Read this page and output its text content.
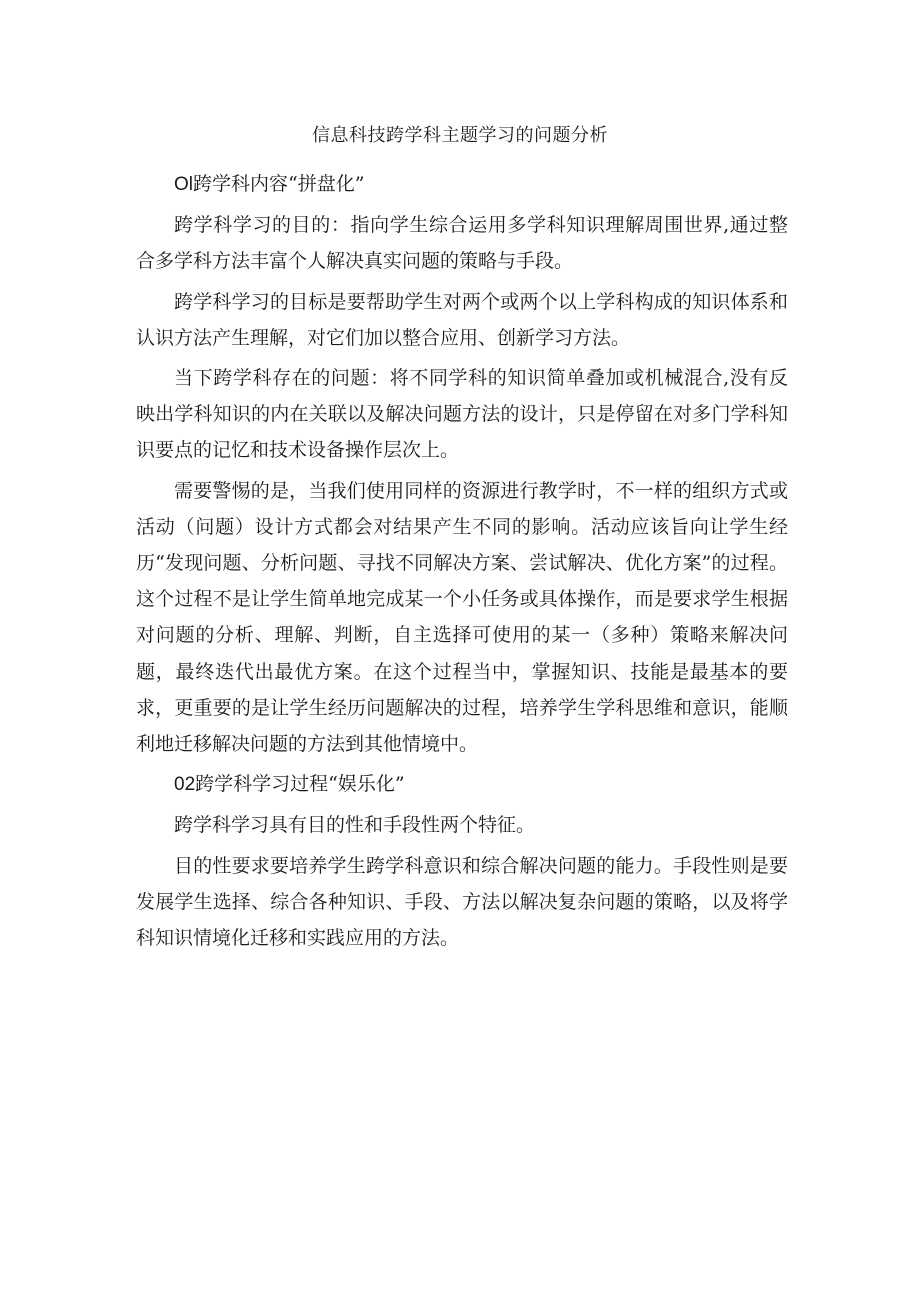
信息科技跨学科主题学习的问题分析
Ol跨学科内容“拼盘化”

跨学科学习的目的：指向学生综合运用多学科知识理解周围世界,通过整合多学科方法丰富个人解决真实问题的策略与手段。

跨学科学习的目标是要帮助学生对两个或两个以上学科构成的知识体系和认识方法产生理解，对它们加以整合应用、创新学习方法。

当下跨学科存在的问题：将不同学科的知识简单叠加或机械混合,没有反映出学科知识的内在关联以及解决问题方法的设计，只是停留在对多门学科知识要点的记忆和技术设备操作层次上。

需要警惕的是，当我们使用同样的资源进行教学时，不一样的组织方式或活动（问题）设计方式都会对结果产生不同的影响。活动应该旨向让学生经历“发现问题、分析问题、寻找不同解决方案、尝试解决、优化方案”的过程。这个过程不是让学生简单地完成某一个小任务或具体操作，而是要求学生根据对问题的分析、理解、判断，自主选择可使用的某一（多种）策略来解决问题，最终迭代出最优方案。在这个过程当中，掌握知识、技能是最基本的要求，更重要的是让学生经历问题解决的过程，培养学生学科思维和意识，能顺利地迁移解决问题的方法到其他情境中。

02跨学科学习过程“娱乐化”

跨学科学习具有目的性和手段性两个特征。

目的性要求要培养学生跨学科意识和综合解决问题的能力。手段性则是要发展学生选择、综合各种知识、手段、方法以解决复杂问题的策略，以及将学科知识情境化迁移和实践应用的方法。
